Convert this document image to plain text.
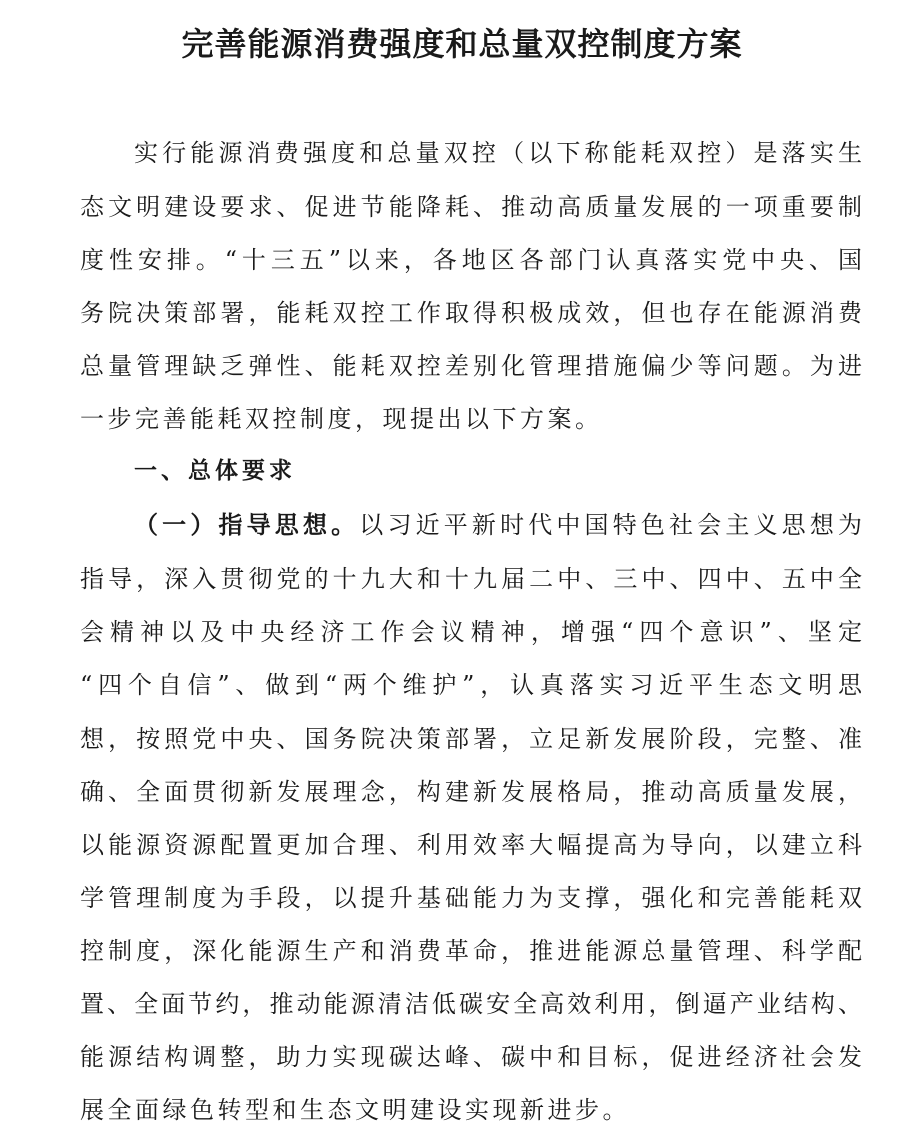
完善能源消费强度和总量双控制度方案
实行能源消费强度和总量双控（以下称能耗双控）是落实生
态文明建设要求、促进节能降耗、推动高质量发展的一项重要制
度性安排。“十三五”以来，各地区各部门认真落实党中央、国
务院决策部署，能耗双控工作取得积极成效，但也存在能源消费
总量管理缺乏弹性、能耗双控差别化管理措施偏少等问题。为进
一步完善能耗双控制度，现提出以下方案。
一、总体要求
（一）指导思想。以习近平新时代中国特色社会主义思想为
指导，深入贯彻党的十九大和十九届二中、三中、四中、五中全
会精神以及中央经济工作会议精神，增强“四个意识”、坚定
“四个自信”、做到“两个维护”，认真落实习近平生态文明思
想，按照党中央、国务院决策部署，立足新发展阶段，完整、准
确、全面贯彻新发展理念，构建新发展格局，推动高质量发展，
以能源资源配置更加合理、利用效率大幅提高为导向，以建立科
学管理制度为手段，以提升基础能力为支撑，强化和完善能耗双
控制度，深化能源生产和消费革命，推进能源总量管理、科学配
置、全面节约，推动能源清洁低碳安全高效利用，倒逼产业结构、
能源结构调整，助力实现碳达峰、碳中和目标，促进经济社会发
展全面绿色转型和生态文明建设实现新进步。
